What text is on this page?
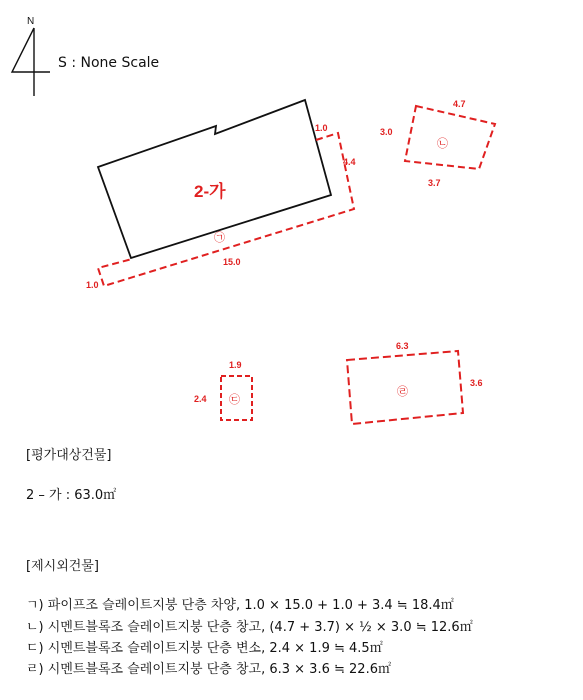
N
2-가
㉠
1.0
15.0
1.0
4.4
㉡
4.7
3.0
3.7
㉢
1.9
2.4
㉣
6.3
3.6
S : None Scale
[평가대상건물]
2 – 가 : 63.0㎡
[제시외건물]
ㄱ) 파이프조 슬레이트지붕 단층 차양, 1.0 × 15.0 + 1.0 + 3.4 ≒ 18.4㎡
ㄴ) 시멘트블록조 슬레이트지붕 단층 창고, (4.7 + 3.7) × ½ × 3.0 ≒ 12.6㎡
ㄷ) 시멘트블록조 슬레이트지붕 단층 변소, 2.4 × 1.9 ≒ 4.5㎡
ㄹ) 시멘트블록조 슬레이트지붕 단층 창고, 6.3 × 3.6 ≒ 22.6㎡
